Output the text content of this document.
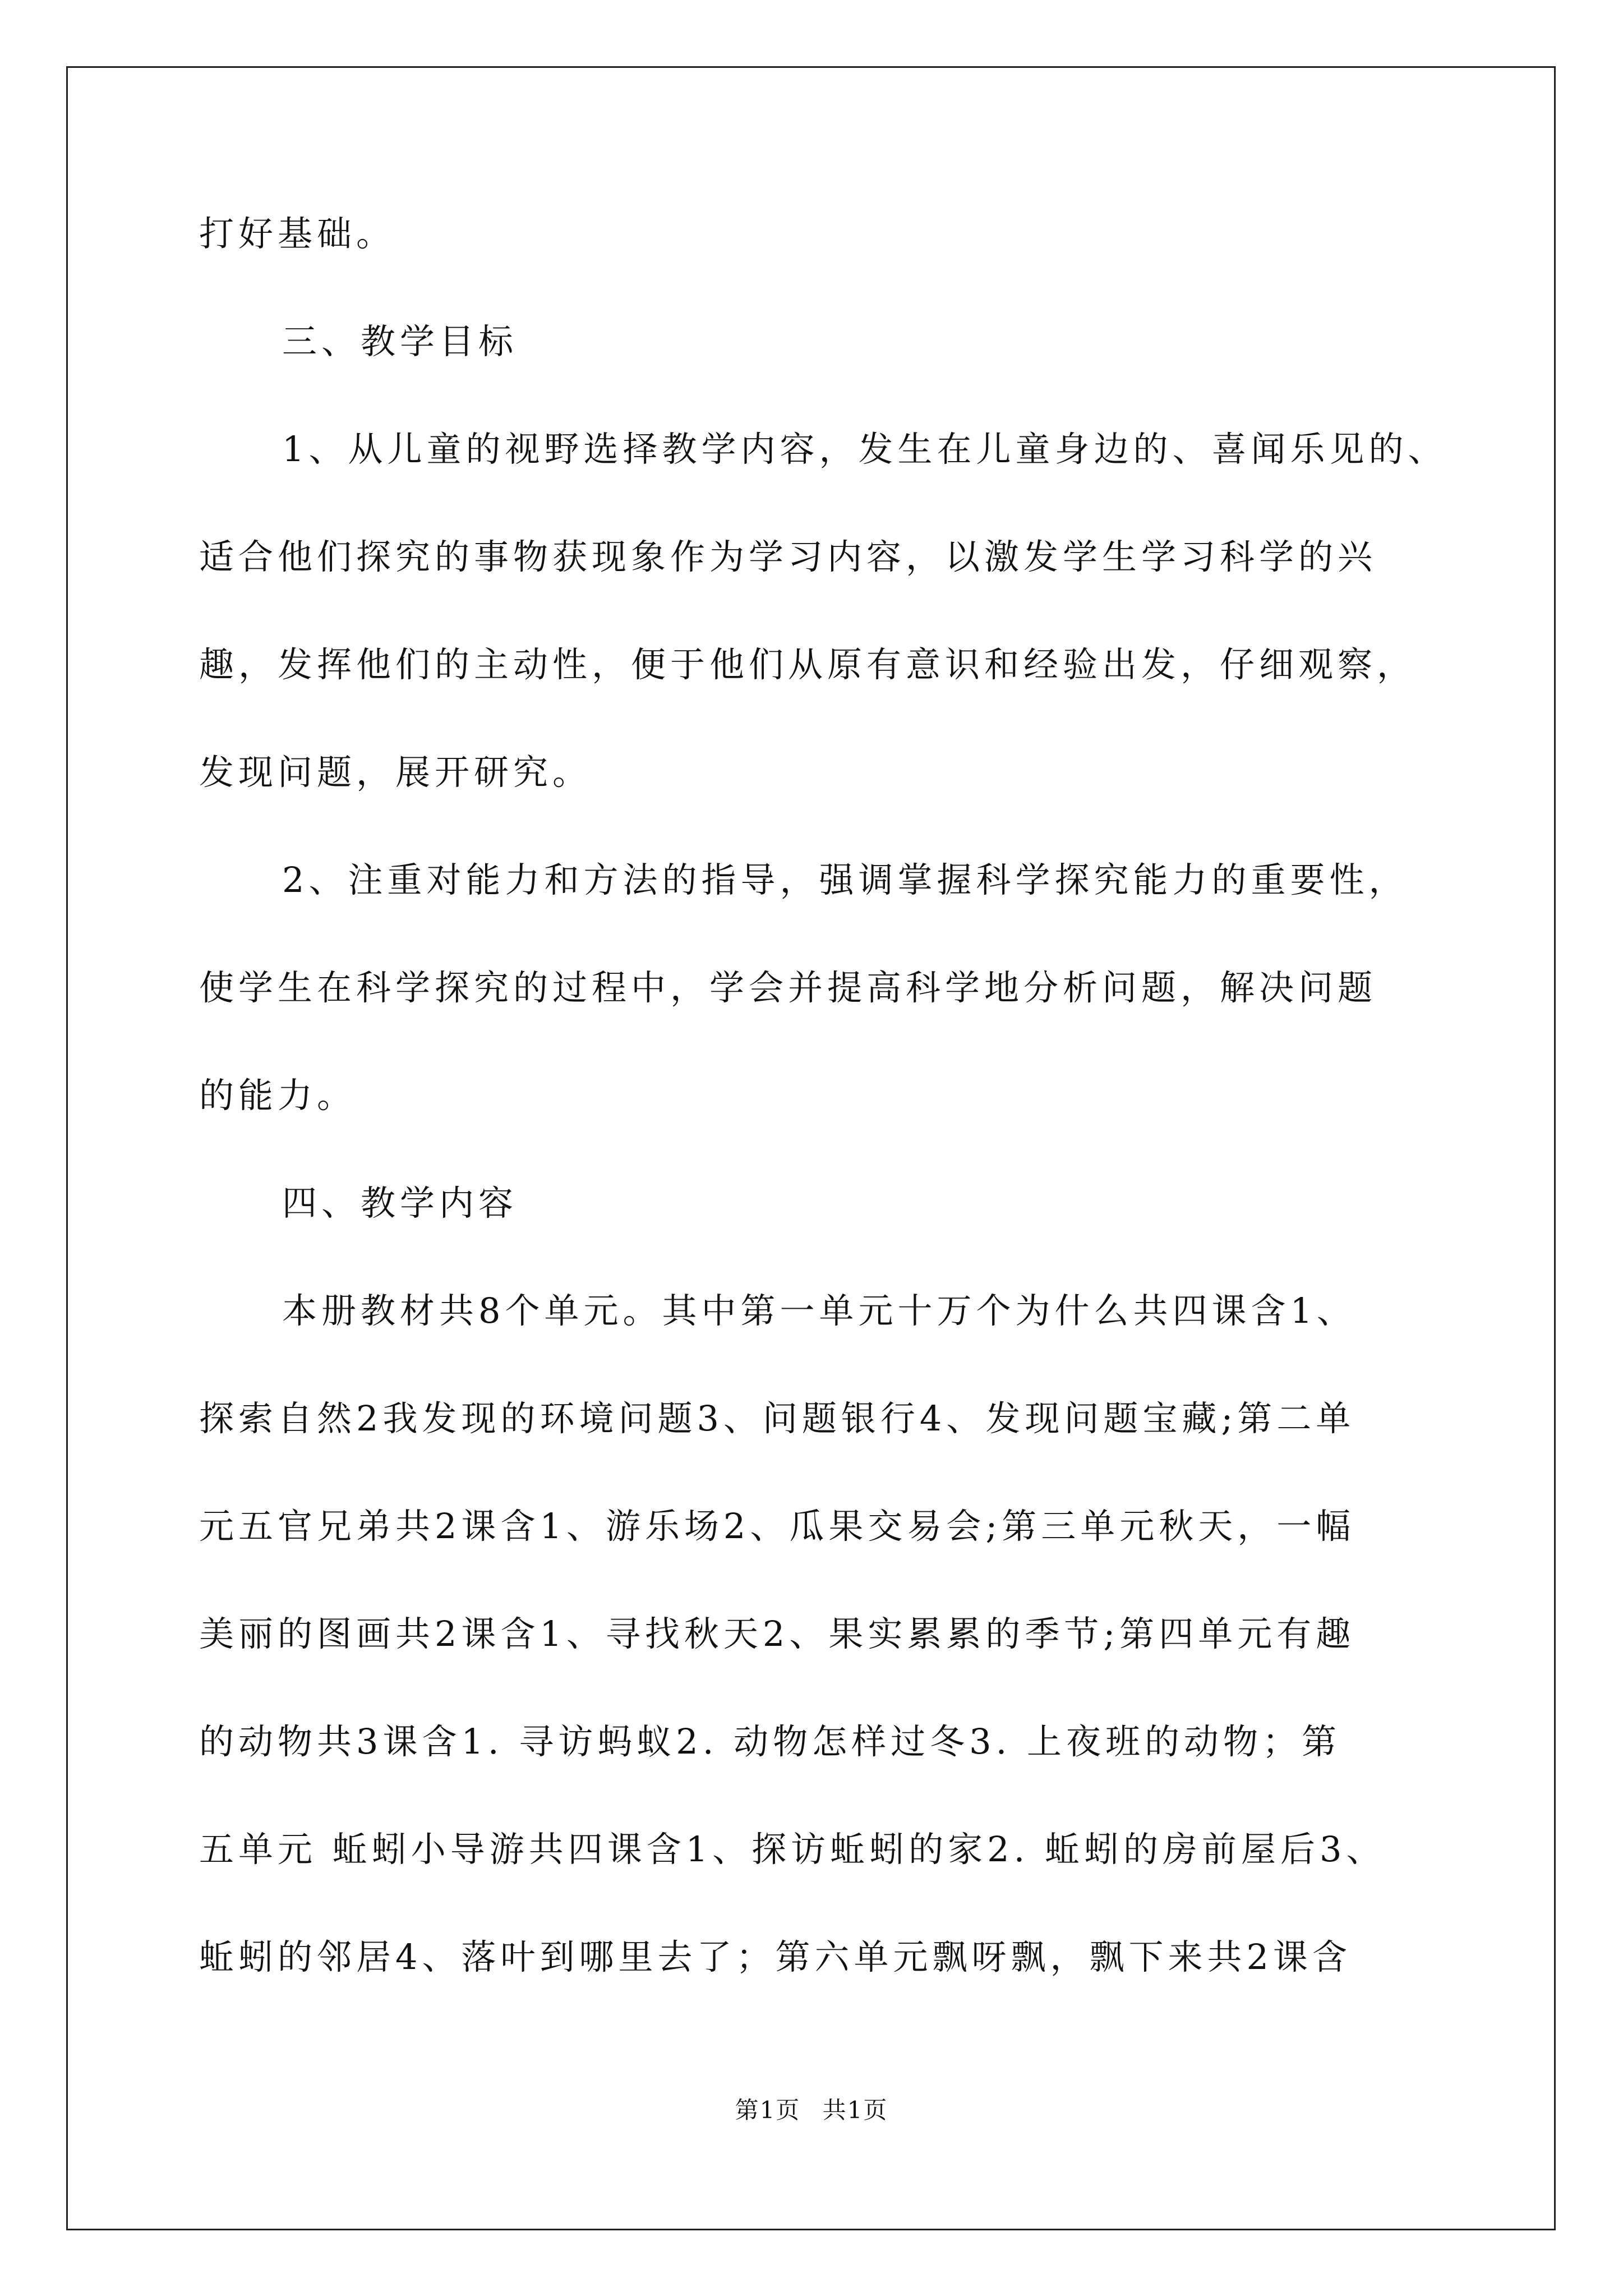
打好基础。
三、教学目标
1、从儿童的视野选择教学内容，发生在儿童身边的、喜闻乐见的、
适合他们探究的事物获现象作为学习内容，以激发学生学习科学的兴
趣，发挥他们的主动性，便于他们从原有意识和经验出发，仔细观察，
发现问题，展开研究。
2、注重对能力和方法的指导，强调掌握科学探究能力的重要性，
使学生在科学探究的过程中，学会并提高科学地分析问题，解决问题
的能力。
四、教学内容
本册教材共8个单元。其中第一单元十万个为什么共四课含1、
探索自然2我发现的环境问题3、问题银行4、发现问题宝藏;第二单
元五官兄弟共2课含1、游乐场2、瓜果交易会;第三单元秋天，一幅
美丽的图画共2课含1、寻找秋天2、果实累累的季节;第四单元有趣
的动物共3课含1. 寻访蚂蚁2. 动物怎样过冬3. 上夜班的动物；第
五单元 蚯蚓小导游共四课含1、探访蚯蚓的家2. 蚯蚓的房前屋后3、
蚯蚓的邻居4、落叶到哪里去了；第六单元飘呀飘，飘下来共2课含
第1页 共1页
